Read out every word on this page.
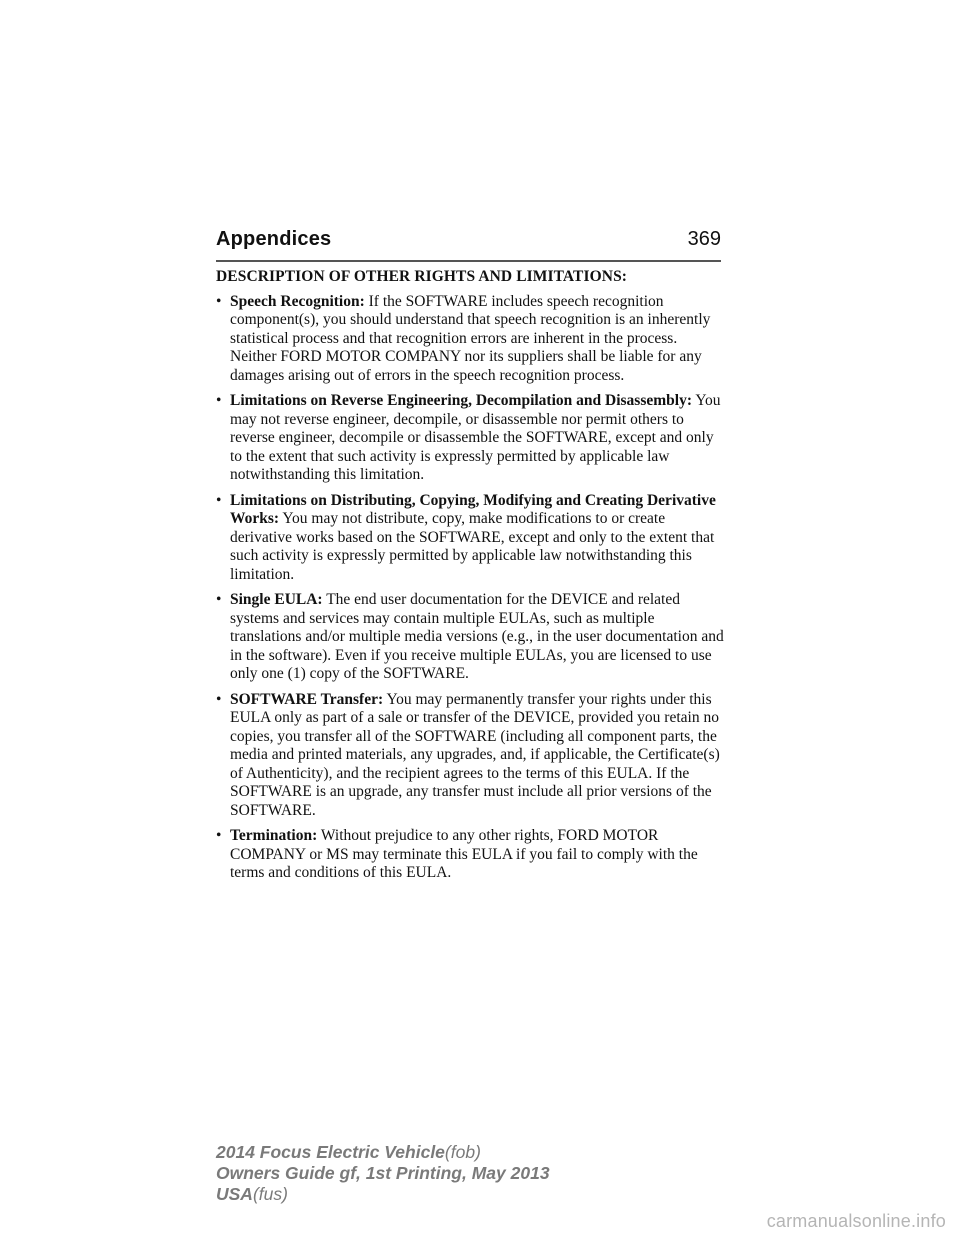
Appendices	369
DESCRIPTION OF OTHER RIGHTS AND LIMITATIONS:
• Speech Recognition: If the SOFTWARE includes speech recognition component(s), you should understand that speech recognition is an inherently statistical process and that recognition errors are inherent in the process. Neither FORD MOTOR COMPANY nor its suppliers shall be liable for any damages arising out of errors in the speech recognition process.
• Limitations on Reverse Engineering, Decompilation and Disassembly: You may not reverse engineer, decompile, or disassemble nor permit others to reverse engineer, decompile or disassemble the SOFTWARE, except and only to the extent that such activity is expressly permitted by applicable law notwithstanding this limitation.
• Limitations on Distributing, Copying, Modifying and Creating Derivative Works: You may not distribute, copy, make modifications to or create derivative works based on the SOFTWARE, except and only to the extent that such activity is expressly permitted by applicable law notwithstanding this limitation.
• Single EULA: The end user documentation for the DEVICE and related systems and services may contain multiple EULAs, such as multiple translations and/or multiple media versions (e.g., in the user documentation and in the software). Even if you receive multiple EULAs, you are licensed to use only one (1) copy of the SOFTWARE.
• SOFTWARE Transfer: You may permanently transfer your rights under this EULA only as part of a sale or transfer of the DEVICE, provided you retain no copies, you transfer all of the SOFTWARE (including all component parts, the media and printed materials, any upgrades, and, if applicable, the Certificate(s) of Authenticity), and the recipient agrees to the terms of this EULA. If the SOFTWARE is an upgrade, any transfer must include all prior versions of the SOFTWARE.
• Termination: Without prejudice to any other rights, FORD MOTOR COMPANY or MS may terminate this EULA if you fail to comply with the terms and conditions of this EULA.
2014 Focus Electric Vehicle(fob)
Owners Guide gf, 1st Printing, May 2013
USA(fus)
carmanualsonline.info
